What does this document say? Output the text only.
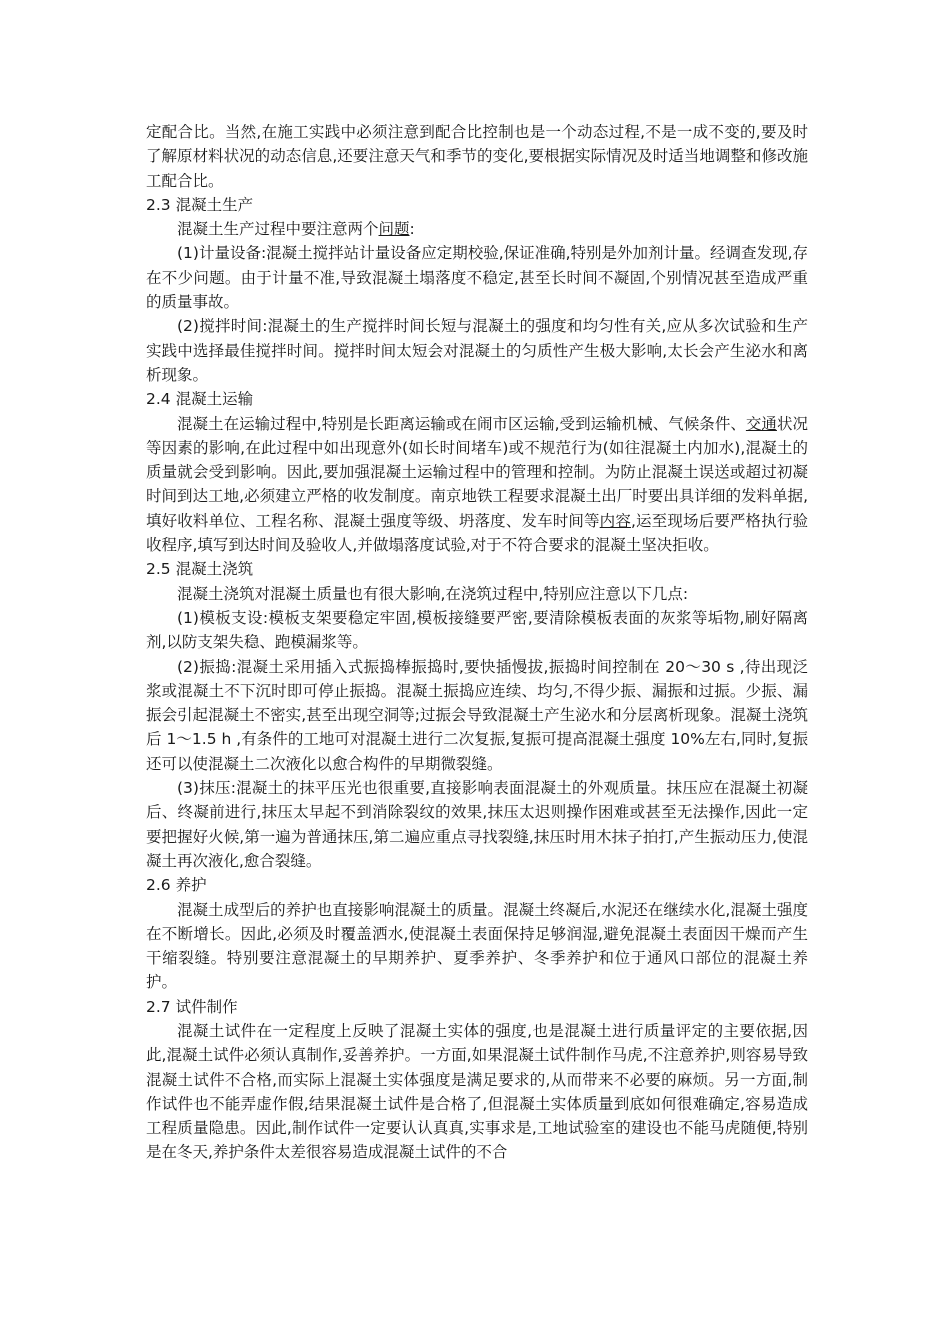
定配合比。当然,在施工实践中必须注意到配合比控制也是一个动态过程,不是一成不变的,要及时了解原材料状况的动态信息,还要注意天气和季节的变化,要根据实际情况及时适当地调整和修改施工配合比。

2.3 混凝土生产

混凝土生产过程中要注意两个问题:

(1)计量设备:混凝土搅拌站计量设备应定期校验,保证准确,特别是外加剂计量。经调查发现,存在不少问题。由于计量不准,导致混凝土塌落度不稳定,甚至长时间不凝固,个别情况甚至造成严重的质量事故。

(2)搅拌时间:混凝土的生产搅拌时间长短与混凝土的强度和均匀性有关,应从多次试验和生产实践中选择最佳搅拌时间。搅拌时间太短会对混凝土的匀质性产生极大影响,太长会产生泌水和离析现象。

2.4 混凝土运输

混凝土在运输过程中,特别是长距离运输或在闹市区运输,受到运输机械、气候条件、交通状况等因素的影响,在此过程中如出现意外(如长时间堵车)或不规范行为(如往混凝土内加水),混凝土的质量就会受到影响。因此,要加强混凝土运输过程中的管理和控制。为防止混凝土误送或超过初凝时间到达工地,必须建立严格的收发制度。南京地铁工程要求混凝土出厂时要出具详细的发料单据,填好收料单位、工程名称、混凝土强度等级、坍落度、发车时间等内容,运至现场后要严格执行验收程序,填写到达时间及验收人,并做塌落度试验,对于不符合要求的混凝土坚决拒收。

2.5 混凝土浇筑

混凝土浇筑对混凝土质量也有很大影响,在浇筑过程中,特别应注意以下几点:

(1)模板支设:模板支架要稳定牢固,模板接缝要严密,要清除模板表面的灰浆等垢物,刷好隔离剂,以防支架失稳、跑模漏浆等。

(2)振捣:混凝土采用插入式振捣棒振捣时,要快插慢拔,振捣时间控制在 20～30 s ,待出现泛浆或混凝土不下沉时即可停止振捣。混凝土振捣应连续、均匀,不得少振、漏振和过振。少振、漏振会引起混凝土不密实,甚至出现空洞等;过振会导致混凝土产生泌水和分层离析现象。混凝土浇筑后 1～1.5 h ,有条件的工地可对混凝土进行二次复振,复振可提高混凝土强度 10%左右,同时,复振还可以使混凝土二次液化以愈合构件的早期微裂缝。

(3)抹压:混凝土的抹平压光也很重要,直接影响表面混凝土的外观质量。抹压应在混凝土初凝后、终凝前进行,抹压太早起不到消除裂纹的效果,抹压太迟则操作困难或甚至无法操作,因此一定要把握好火候,第一遍为普通抹压,第二遍应重点寻找裂缝,抹压时用木抹子拍打,产生振动压力,使混凝土再次液化,愈合裂缝。

2.6 养护

混凝土成型后的养护也直接影响混凝土的质量。混凝土终凝后,水泥还在继续水化,混凝土强度在不断增长。因此,必须及时覆盖洒水,使混凝土表面保持足够润湿,避免混凝土表面因干燥而产生干缩裂缝。特别要注意混凝土的早期养护、夏季养护、冬季养护和位于通风口部位的混凝土养护。

2.7 试件制作

混凝土试件在一定程度上反映了混凝土实体的强度,也是混凝土进行质量评定的主要依据,因此,混凝土试件必须认真制作,妥善养护。一方面,如果混凝土试件制作马虎,不注意养护,则容易导致混凝土试件不合格,而实际上混凝土实体强度是满足要求的,从而带来不必要的麻烦。另一方面,制作试件也不能弄虚作假,结果混凝土试件是合格了,但混凝土实体质量到底如何很难确定,容易造成工程质量隐患。因此,制作试件一定要认认真真,实事求是,工地试验室的建设也不能马虎随便,特别是在冬天,养护条件太差很容易造成混凝土试件的不合
